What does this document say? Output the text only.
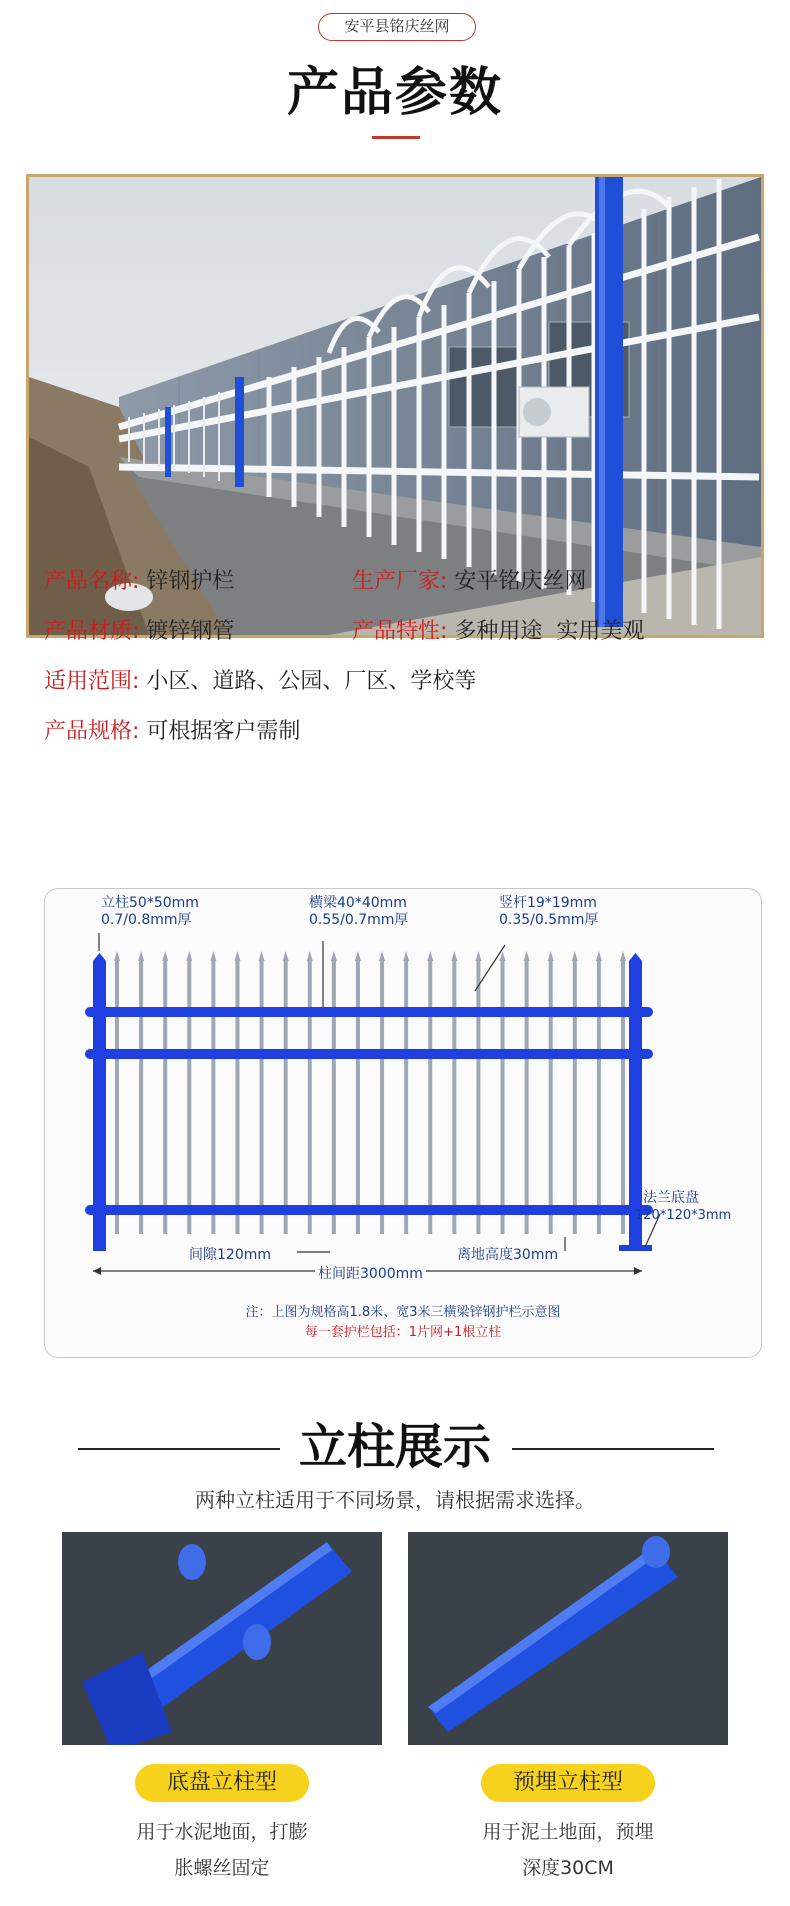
安平县铭庆丝网
产品参数
产品名称: 锌钢护栏	生产厂家: 安平铭庆丝网
产品材质: 镀锌钢管	产品特性: 多种用途  实用美观
适用范围: 小区、道路、公园、厂区、学校等
产品规格: 可根据客户需制
立柱50*50mm
0.7/0.8mm厚
横梁40*40mm
0.55/0.7mm厚
竖杆19*19mm
0.35/0.5mm厚
法兰底盘
120*120*3mm
间隙120mm	离地高度30mm
柱间距3000mm
注：上图为规格高1.8米、宽3米三横梁锌钢护栏示意图
每一套护栏包括：1片网+1根立柱
立柱展示
两种立柱适用于不同场景，请根据需求选择。
底盘立柱型	预埋立柱型
用于水泥地面，打膨
胀螺丝固定
用于泥土地面，预埋
深度30CM
